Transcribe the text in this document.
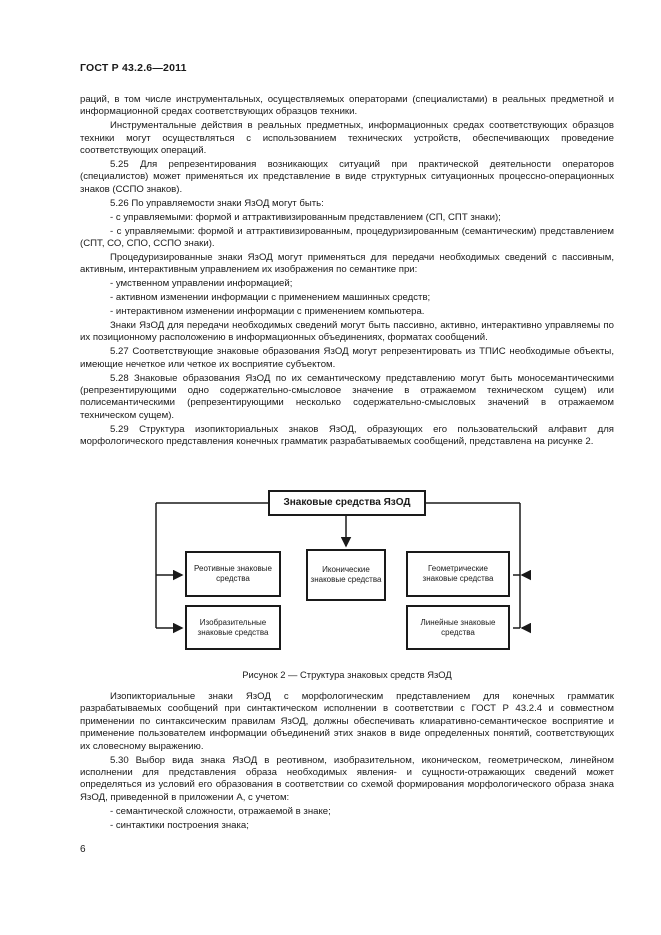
ГОСТ Р 43.2.6—2011

раций, в том числе инструментальных, осуществляемых операторами (специалистами) в реальных предметной и информационной средах соответствующих образцов техники.

Инструментальные действия в реальных предметных, информационных средах соответствующих образцов техники могут осуществляться с использованием технических устройств, обеспечивающих проведение соответствующих операций.

5.25 Для репрезентирования возникающих ситуаций при практической деятельности операторов (специалистов) может применяться их представление в виде структурных ситуационных процессно-операционных знаков (ССПО знаков).

5.26 По управляемости знаки ЯзОД могут быть:

- с управляемыми: формой и аттрактивизированным представлением (СП, СПТ знаки);

- с управляемыми: формой и аттрактивизированным, процедуризированным (семантическим) представлением (СПТ, СО, СПО, ССПО знаки).

Процедуризированные знаки ЯзОД могут применяться для передачи необходимых сведений с пассивным, активным, интерактивным управлением их изображения по семантике при:

- умственном управлении информацией;

- активном изменении информации с применением машинных средств;

- интерактивном изменении информации с применением компьютера.

Знаки ЯзОД для передачи необходимых сведений могут быть пассивно, активно, интерактивно управляемы по их позиционному расположению в информационных объединениях, форматах сообщений.

5.27 Соответствующие знаковые образования ЯзОД могут репрезентировать из ТПИС необходимые объекты, имеющие нечеткое или четкое их восприятие субъектом.

5.28 Знаковые образования ЯзОД по их семантическому представлению могут быть моносемантическими (репрезентирующими одно содержательно-смысловое значение в отражаемом техническом сущем) или полисемантическими (репрезентирующими несколько содержательно-смысловых значений в отражаемом техническом сущем).

5.29 Структура изопиктoриальных знаков ЯзОД, образующих его пользовательский алфавит для морфологического представления конечных грамматик разрабатываемых сообщений, представлена на рисунке 2.

Знаковые средства ЯзОД
Реотивные знаковые средства
Изобразительные знаковые средства
Иконические знаковые средства
Геометрические знаковые средства
Линейные знаковые средства
Рисунок 2 — Структура знаковых средств ЯзОД

Изопиктoриальные знаки ЯзОД с морфологическим представлением для конечных грамматик разрабатываемых сообщений при синтактическом исполнении в соответствии с ГОСТ Р 43.2.4 и совместном применении по синтаксическим правилам ЯзОД, должны обеспечивать клиаративно-семантическое восприятие и применение пользователем информации объединений этих знаков в виде определенных понятий, соответствующих их словесному выражению.

5.30 Выбор вида знака ЯзОД в реотивном, изобразительном, иконическом, геометрическом, линейном исполнении для представления образа необходимых явления- и сущности-отражающих сведений может определяться из условий его образования в соответствии со схемой формирования морфологического образа знака ЯзОД, приведенной в приложении А, с учетом:

- семантической сложности, отражаемой в знаке;

- синтактики построения знака;

6
